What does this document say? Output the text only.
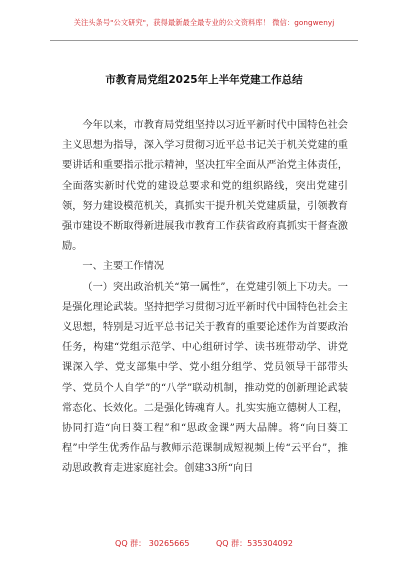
关注头条号"公文研究"，获得最新最全最专业的公文资料库！ 微信：gongwenyj
市教育局党组2025年上半年党建工作总结

今年以来，市教育局党组坚持以习近平新时代中国特色社会主义思想为指导，深入学习贯彻习近平总书记关于机关党建的重要讲话和重要指示批示精神，坚决扛牢全面从严治党主体责任，全面落实新时代党的建设总要求和党的组织路线，突出党建引领，努力建设模范机关，真抓实干提升机关党建质量，引领教育强市建设不断取得新进展我市教育工作获省政府真抓实干督查激励。

一、主要工作情况

（一）突出政治机关“第一属性”，在党建引领上下功夫。一是强化理论武装。坚持把学习贯彻习近平新时代中国特色社会主义思想，特别是习近平总书记关于教育的重要论述作为首要政治任务，构建“党组示范学、中心组研讨学、读书班带动学、讲党课深入学、党支部集中学、党小组分组学、党员领导干部带头学、党员个人自学”的“八学”联动机制，推动党的创新理论武装常态化、长效化。二是强化铸魂育人。扎实实施立德树人工程，协同打造“向日葵工程”和“思政金课”两大品牌。将“向日葵工程”中学生优秀作品与教师示范课制成短视频上传“云平台”，推动思政教育走进家庭社会。创建33所“向日

QQ 群： 30265665	QQ 群：535304092
